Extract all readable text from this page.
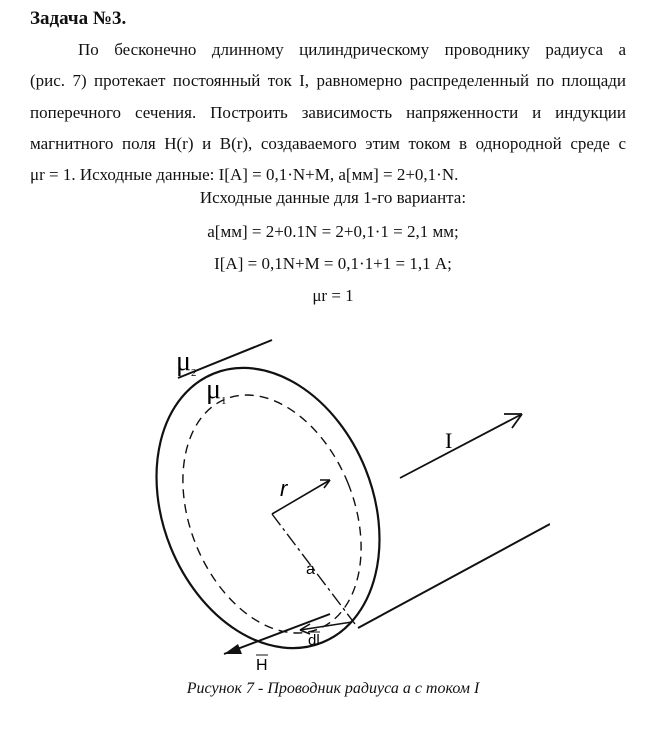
Задача №3.
По бесконечно длинному цилиндрическому проводнику радиуса a
(рис. 7) протекает постоянный ток I, равномерно распределенный по площади
поперечного сечения. Построить зависимость напряженности и индукции
магнитного поля H(r) и B(r), создаваемого этим током в однородной среде с
μr = 1. Исходные данные: I[А] = 0,1·N+M, a[мм] = 2+0,1·N.
Исходные данные для 1-го варианта:
a[мм] = 2+0.1N = 2+0,1·1 = 2,1 мм;
I[А] = 0,1N+M = 0,1·1+1 = 1,1 А;
μr = 1
$\mu_2$
$\mu_1$
I
r
a
dl
H
Рисунок 7 - Проводник радиуса а с током I
